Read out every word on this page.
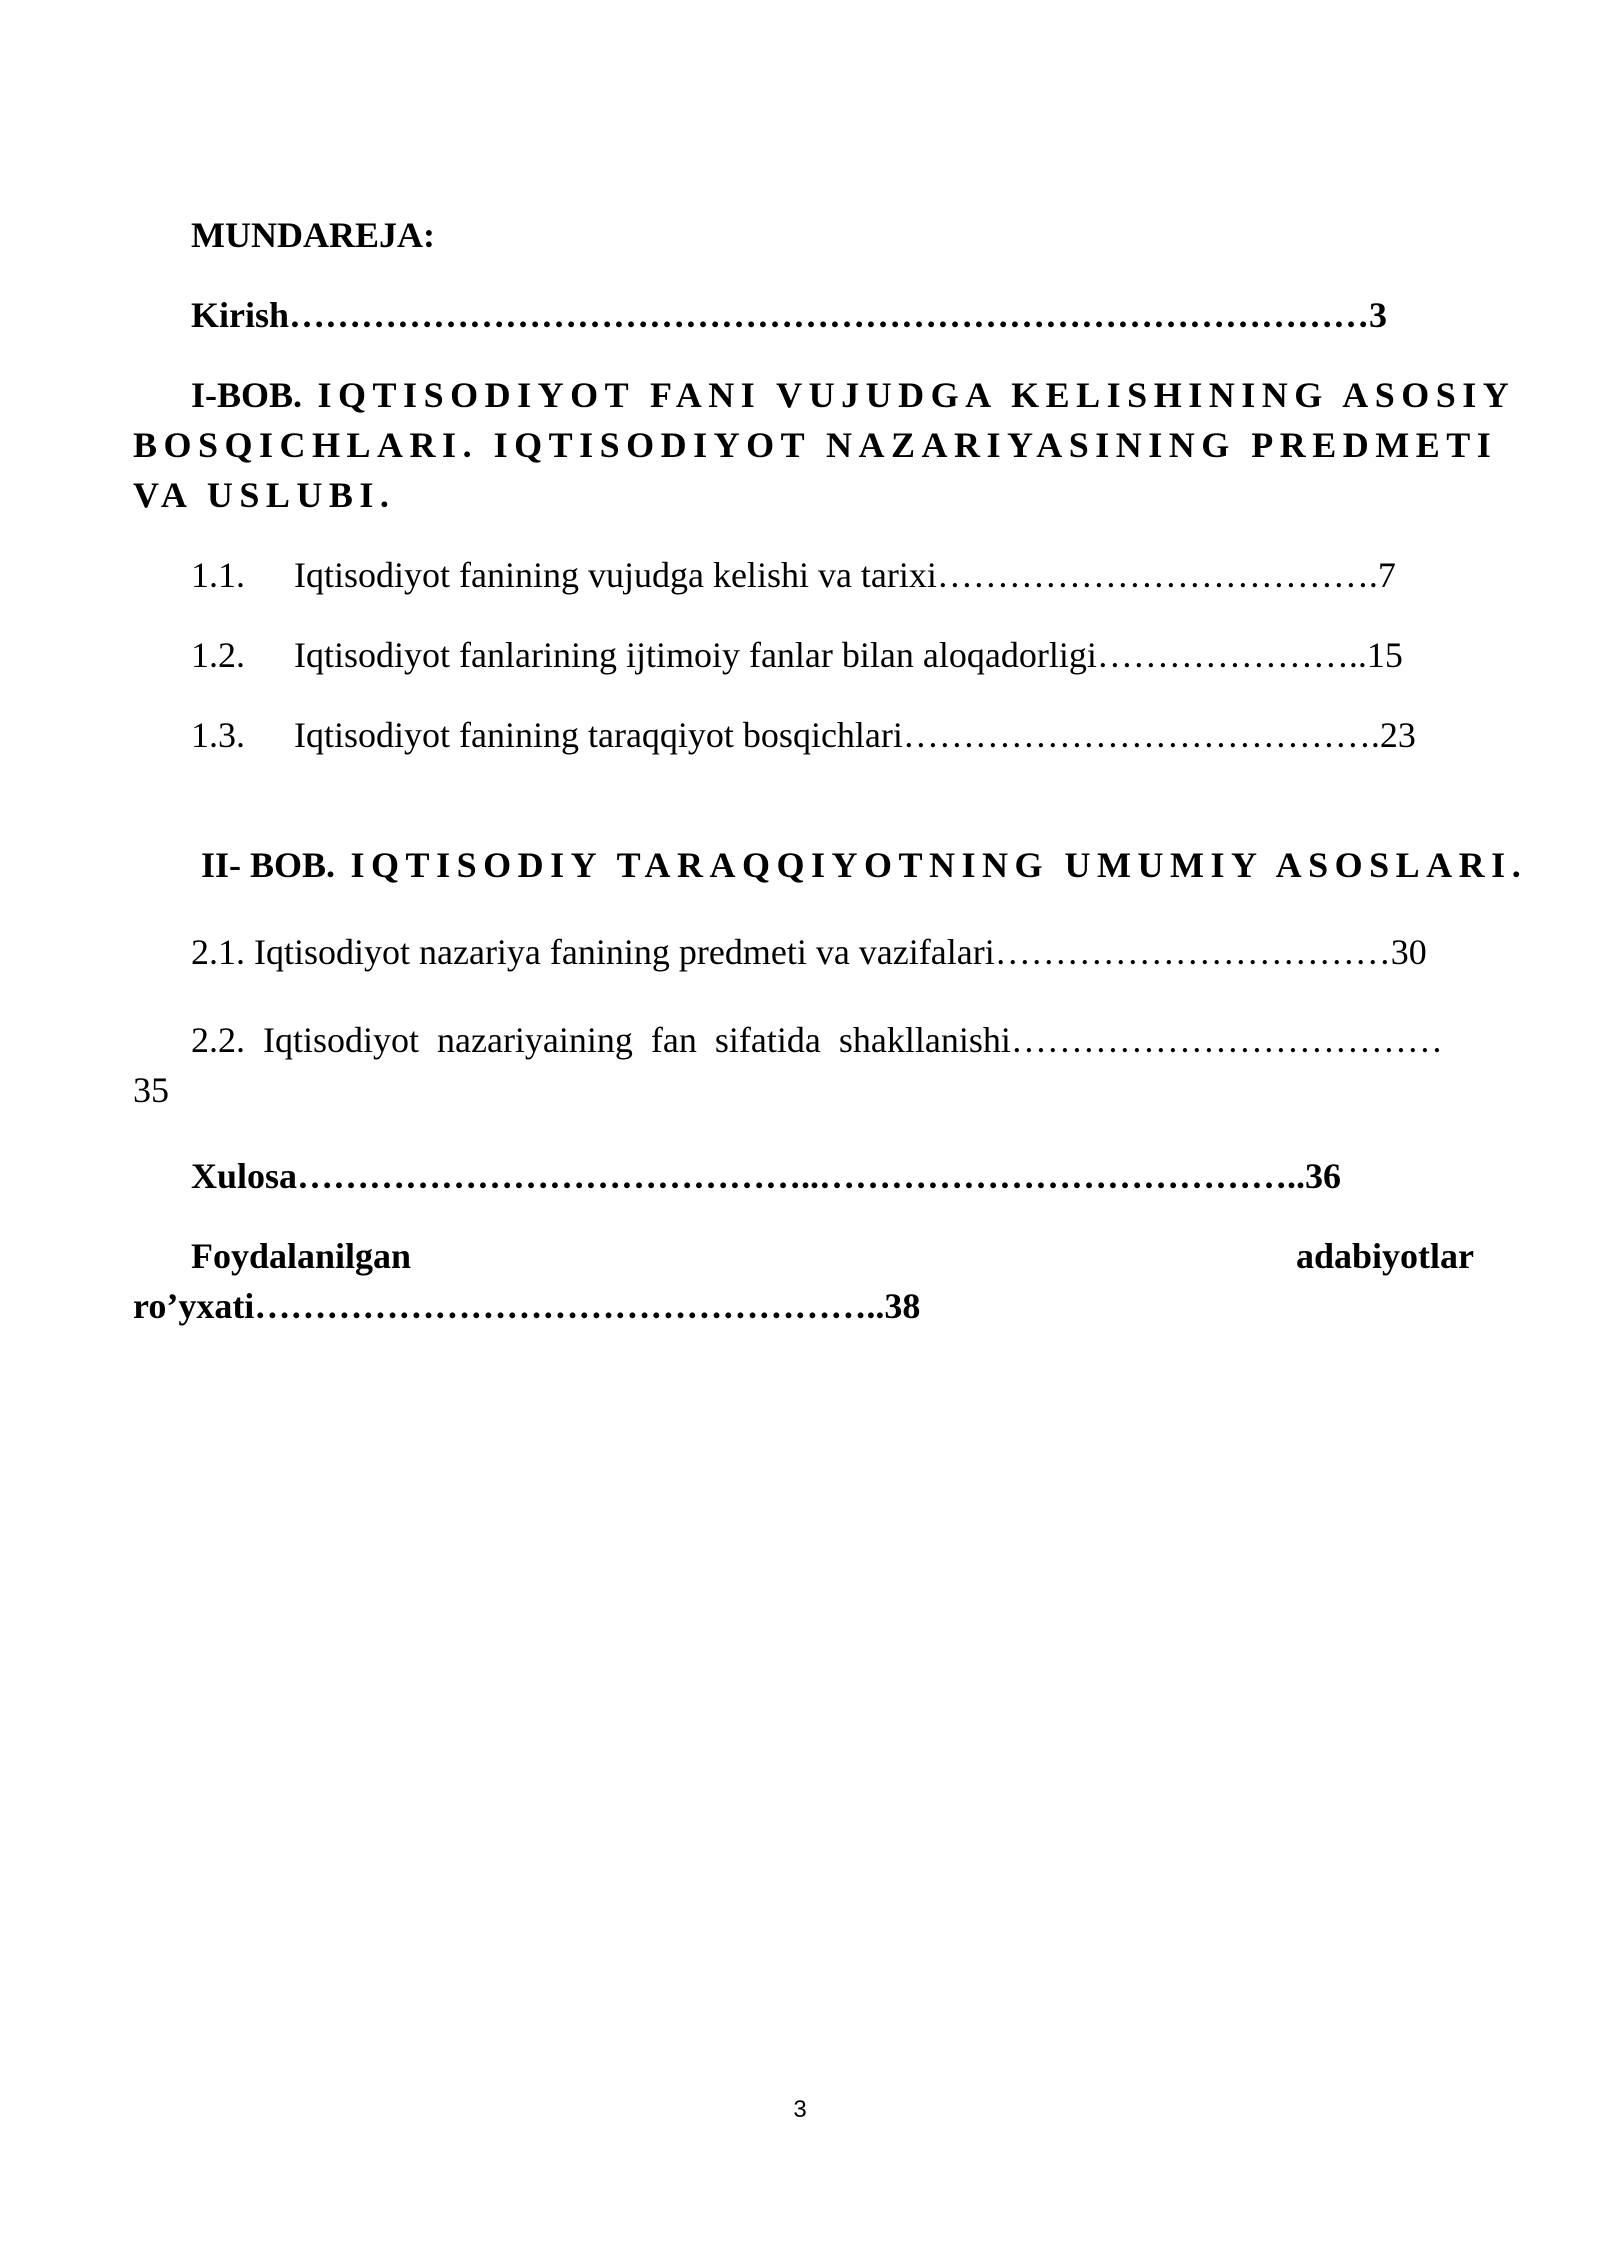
MUNDAREJA:
Kirish………………………………………………………………………………3
I-BOB. IQTISODIYOT FANI VUJUDGA KELISHINING ASOSIY
BOSQICHLARI. IQTISODIYOT NAZARIYASINING PREDMETI
VA USLUBI.
1.1. Iqtisodiyot fanining vujudga kelishi va tarixi……………………………….7
1.2. Iqtisodiyot fanlarining ijtimoiy fanlar bilan aloqadorligi…………………..15
1.3. Iqtisodiyot fanining taraqqiyot bosqichlari………………………………….23
II- BOB. IQTISODIY TARAQQIYOTNING UMUMIY ASOSLARI.
2.1. Iqtisodiyot nazariya fanining predmeti va vazifalari……………………………30
2.2.  Iqtisodiyot  nazariyaining  fan  sifatida  shakllanishi………………………………
35
Xulosa……………………………………..…………………………………..36
Foydalanilgan	adabiyotlar
ro’yxati……………………………………………..38
3
